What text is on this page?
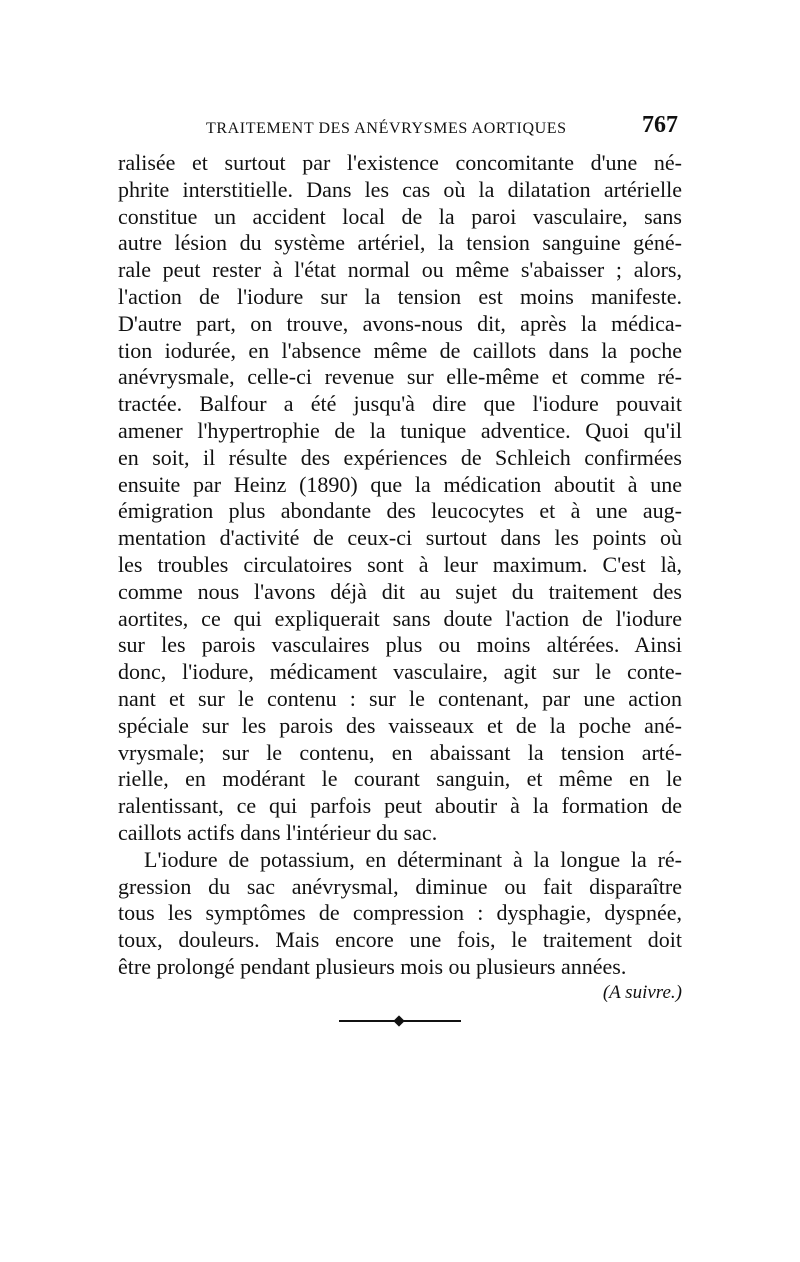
TRAITEMENT DES ANÉVRYSMES AORTIQUES	767
ralisée et surtout par l'existence concomitante d'une né-
phrite interstitielle. Dans les cas où la dilatation artérielle
constitue un accident local de la paroi vasculaire, sans
autre lésion du système artériel, la tension sanguine géné-
rale peut rester à l'état normal ou même s'abaisser ; alors,
l'action de l'iodure sur la tension est moins manifeste.
D'autre part, on trouve, avons-nous dit, après la médica-
tion iodurée, en l'absence même de caillots dans la poche
anévrysmale, celle-ci revenue sur elle-même et comme ré-
tractée. Balfour a été jusqu'à dire que l'iodure pouvait
amener l'hypertrophie de la tunique adventice. Quoi qu'il
en soit, il résulte des expériences de Schleich confirmées
ensuite par Heinz (1890) que la médication aboutit à une
émigration plus abondante des leucocytes et à une aug-
mentation d'activité de ceux-ci surtout dans les points où
les troubles circulatoires sont à leur maximum. C'est là,
comme nous l'avons déjà dit au sujet du traitement des
aortites, ce qui expliquerait sans doute l'action de l'iodure
sur les parois vasculaires plus ou moins altérées. Ainsi
donc, l'iodure, médicament vasculaire, agit sur le conte-
nant et sur le contenu : sur le contenant, par une action
spéciale sur les parois des vaisseaux et de la poche ané-
vrysmale; sur le contenu, en abaissant la tension arté-
rielle, en modérant le courant sanguin, et même en le
ralentissant, ce qui parfois peut aboutir à la formation de
caillots actifs dans l'intérieur du sac.
L'iodure de potassium, en déterminant à la longue la ré-
gression du sac anévrysmal, diminue ou fait disparaître
tous les symptômes de compression : dysphagie, dyspnée,
toux, douleurs. Mais encore une fois, le traitement doit
être prolongé pendant plusieurs mois ou plusieurs années.
(A suivre.)
